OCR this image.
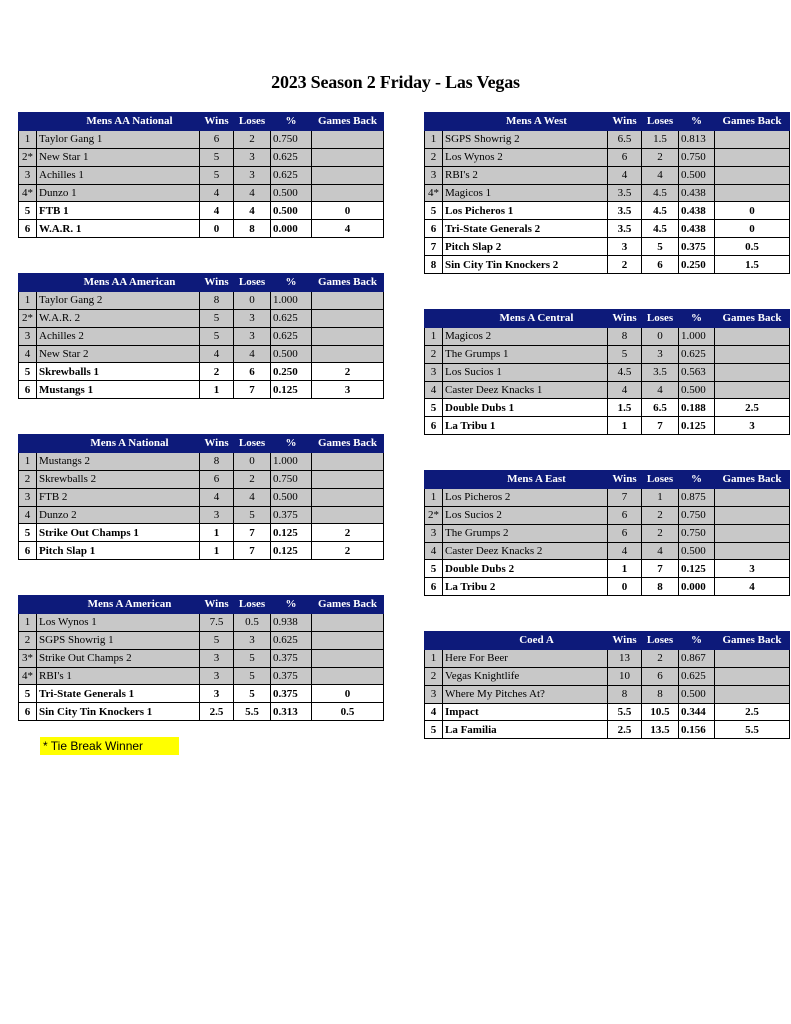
2023 Season 2 Friday - Las Vegas
		Mens AA National	Wins	Loses	%	Games Back
1	Taylor Gang 1		6	2	0.750	
2*	New Star 1		5	3	0.625	
3	Achilles 1		5	3	0.625	
4*	Dunzo 1		4	4	0.500	
5	FTB 1		4	4	0.500	0
6	W.A.R. 1		0	8	0.000	4
		Mens AA American	Wins	Loses	%	Games Back
1	Taylor Gang 2		8	0	1.000	
2*	W.A.R. 2		5	3	0.625	
3	Achilles 2		5	3	0.625	
4	New Star 2		4	4	0.500	
5	Skrewballs 1		2	6	0.250	2
6	Mustangs 1		1	7	0.125	3
		Mens A National	Wins	Loses	%	Games Back
1	Mustangs 2		8	0	1.000	
2	Skrewballs 2		6	2	0.750	
3	FTB 2		4	4	0.500	
4	Dunzo 2		3	5	0.375	
5	Strike Out Champs 1		1	7	0.125	2
6	Pitch Slap 1		1	7	0.125	2
		Mens A American	Wins	Loses	%	Games Back
1	Los Wynos 1		7.5	0.5	0.938	
2	SGPS Showrig 1		5	3	0.625	
3*	Strike Out Champs 2		3	5	0.375	
4*	RBI's 1		3	5	0.375	
5	Tri-State Generals 1		3	5	0.375	0
6	Sin City Tin Knockers 1		2.5	5.5	0.313	0.5
		Mens A West	Wins	Loses	%	Games Back
1	SGPS Showrig 2		6.5	1.5	0.813	
2	Los Wynos 2		6	2	0.750	
3	RBI's 2		4	4	0.500	
4*	Magicos 1		3.5	4.5	0.438	
5	Los Picheros 1		3.5	4.5	0.438	0
6	Tri-State Generals 2		3.5	4.5	0.438	0
7	Pitch Slap 2		3	5	0.375	0.5
8	Sin City Tin Knockers 2		2	6	0.250	1.5
		Mens A Central	Wins	Loses	%	Games Back
1	Magicos 2		8	0	1.000	
2	The Grumps 1		5	3	0.625	
3	Los Sucios 1		4.5	3.5	0.563	
4	Caster Deez Knacks 1		4	4	0.500	
5	Double Dubs 1		1.5	6.5	0.188	2.5
6	La Tribu 1		1	7	0.125	3
		Mens A East	Wins	Loses	%	Games Back
1	Los Picheros 2		7	1	0.875	
2*	Los Sucios 2		6	2	0.750	
3	The Grumps 2		6	2	0.750	
4	Caster Deez Knacks 2		4	4	0.500	
5	Double Dubs 2		1	7	0.125	3
6	La Tribu 2		0	8	0.000	4
		Coed A	Wins	Loses	%	Games Back
1	Here For Beer		13	2	0.867	
2	Vegas Knightlife		10	6	0.625	
3	Where My Pitches At?		8	8	0.500	
4	Impact		5.5	10.5	0.344	2.5
5	La Familia		2.5	13.5	0.156	5.5
* Tie Break Winner
